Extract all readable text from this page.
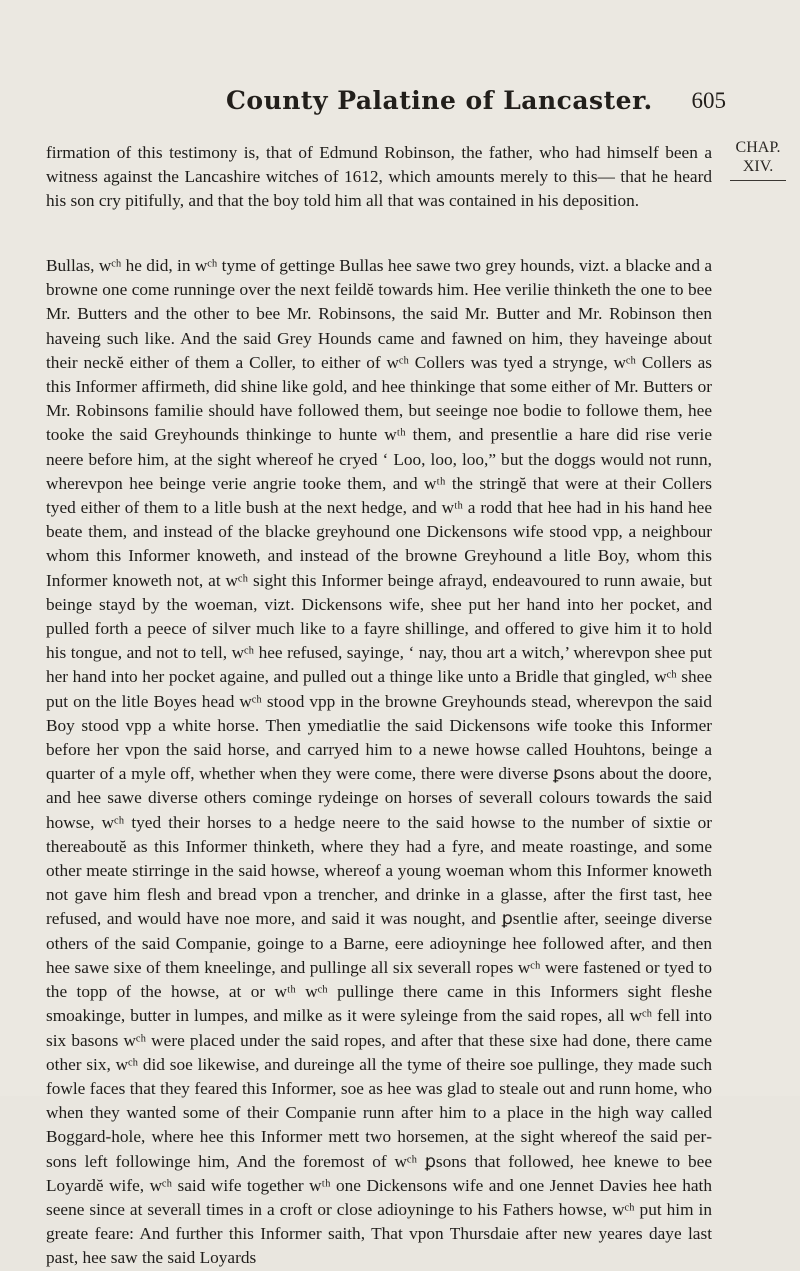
County Palatine of Lancaster. 605
CHAP.
XIV.

firmation of this testimony is, that of Edmund Robinson, the father, who had himself been a witness against the Lancashire witches of 1612, which amounts merely to this— that he heard his son cry pitifully, and that the boy told him all that was contained in his deposition.

Bullas, wᶜʰ he did, in wᶜʰ tyme of gettinge Bullas hee sawe two grey hounds, vizt. a blacke and a browne one come runninge over the next feildĕ towards him. Hee verilie thinketh the one to bee Mr. Butters and the other to bee Mr. Robinsons, the said Mr. Butter and Mr. Robinson then haveing such like. And the said Grey Hounds came and fawned on him, they haveinge about their neckĕ either of them a Coller, to either of wᶜʰ Collers was tyed a strynge, wᶜʰ Collers as this Informer affirmeth, did shine like gold, and hee thinkinge that some either of Mr. Butters or Mr. Robinsons familie should have followed them, but seeinge noe bodie to followe them, hee tooke the said Greyhounds thinkinge to hunte wᵗʰ them, and presentlie a hare did rise verie neere before him, at the sight whereof he cryed ‘ Loo, loo, loo,” but the doggs would not runn, wherevpon hee beinge verie angrie tooke them, and wᵗʰ the stringĕ that were at their Collers tyed either of them to a litle bush at the next hedge, and wᵗʰ a rodd that hee had in his hand hee beate them, and instead of the blacke greyhound one Dickensons wife stood vpp, a neighbour whom this Informer knoweth, and instead of the browne Greyhound a litle Boy, whom this Informer knoweth not, at wᶜʰ sight this Informer beinge afrayd, endeavoured to runn awaie, but beinge stayd by the woeman, vizt. Dickensons wife, shee put her hand into her pocket, and pulled forth a peece of silver much like to a fayre shillinge, and offered to give him it to hold his tongue, and not to tell, wᶜʰ hee refused, sayinge, ‘ nay, thou art a witch,’ wherevpon shee put her hand into her pocket againe, and pulled out a thinge like unto a Bridle that gingled, wᶜʰ shee put on the litle Boyes head wᶜʰ stood vpp in the browne Greyhounds stead, wherevpon the said Boy stood vpp a white horse. Then ymediatlie the said Dickensons wife tooke this Informer before her vpon the said horse, and carryed him to a newe howse called Houhtons, beinge a quarter of a myle off, whether when they were come, there were diverse ꝑsons about the doore, and hee sawe diverse others cominge rydeinge on horses of severall colours towards the said howse, wᶜʰ tyed their horses to a hedge neere to the said howse to the number of sixtie or thereaboutĕ as this Informer thinketh, where they had a fyre, and meate roastinge, and some other meate stirringe in the said howse, whereof a young woeman whom this Informer knoweth not gave him flesh and bread vpon a trencher, and drinke in a glasse, after the first tast, hee refused, and would have noe more, and said it was nought, and ꝑsentlie after, seeinge diverse others of the said Companie, goinge to a Barne, eere adioyninge hee followed after, and then hee sawe sixe of them kneelinge, and pullinge all six severall ropes wᶜʰ were fastened or tyed to the topp of the howse, at or wᵗʰ wᶜʰ pullinge there came in this Informers sight fleshe smoakinge, butter in lumpes, and milke as it were syleinge from the said ropes, all wᶜʰ fell into six basons wᶜʰ were placed under the said ropes, and after that these sixe had done, there came other six, wᶜʰ did soe likewise, and dureinge all the tyme of theire soe pullinge, they made such fowle faces that they feared this Informer, soe as hee was glad to steale out and runn home, who when they wanted some of their Companie runn after him to a place in the high way called Boggard-hole, where hee this Informer mett two horsemen, at the sight whereof the said persons left followinge him, And the foremost of wᶜʰ ꝑsons that followed, hee knewe to bee Loyardĕ wife, wᶜʰ said wife together wᵗʰ one Dickensons wife and one Jennet Davies hee hath seene since at severall times in a croft or close adioyninge to his Fathers howse, wᶜʰ put him in greate feare: And further this Informer saith, That vpon Thursdaie after new yeares daye last past, hee saw the said Loyards
